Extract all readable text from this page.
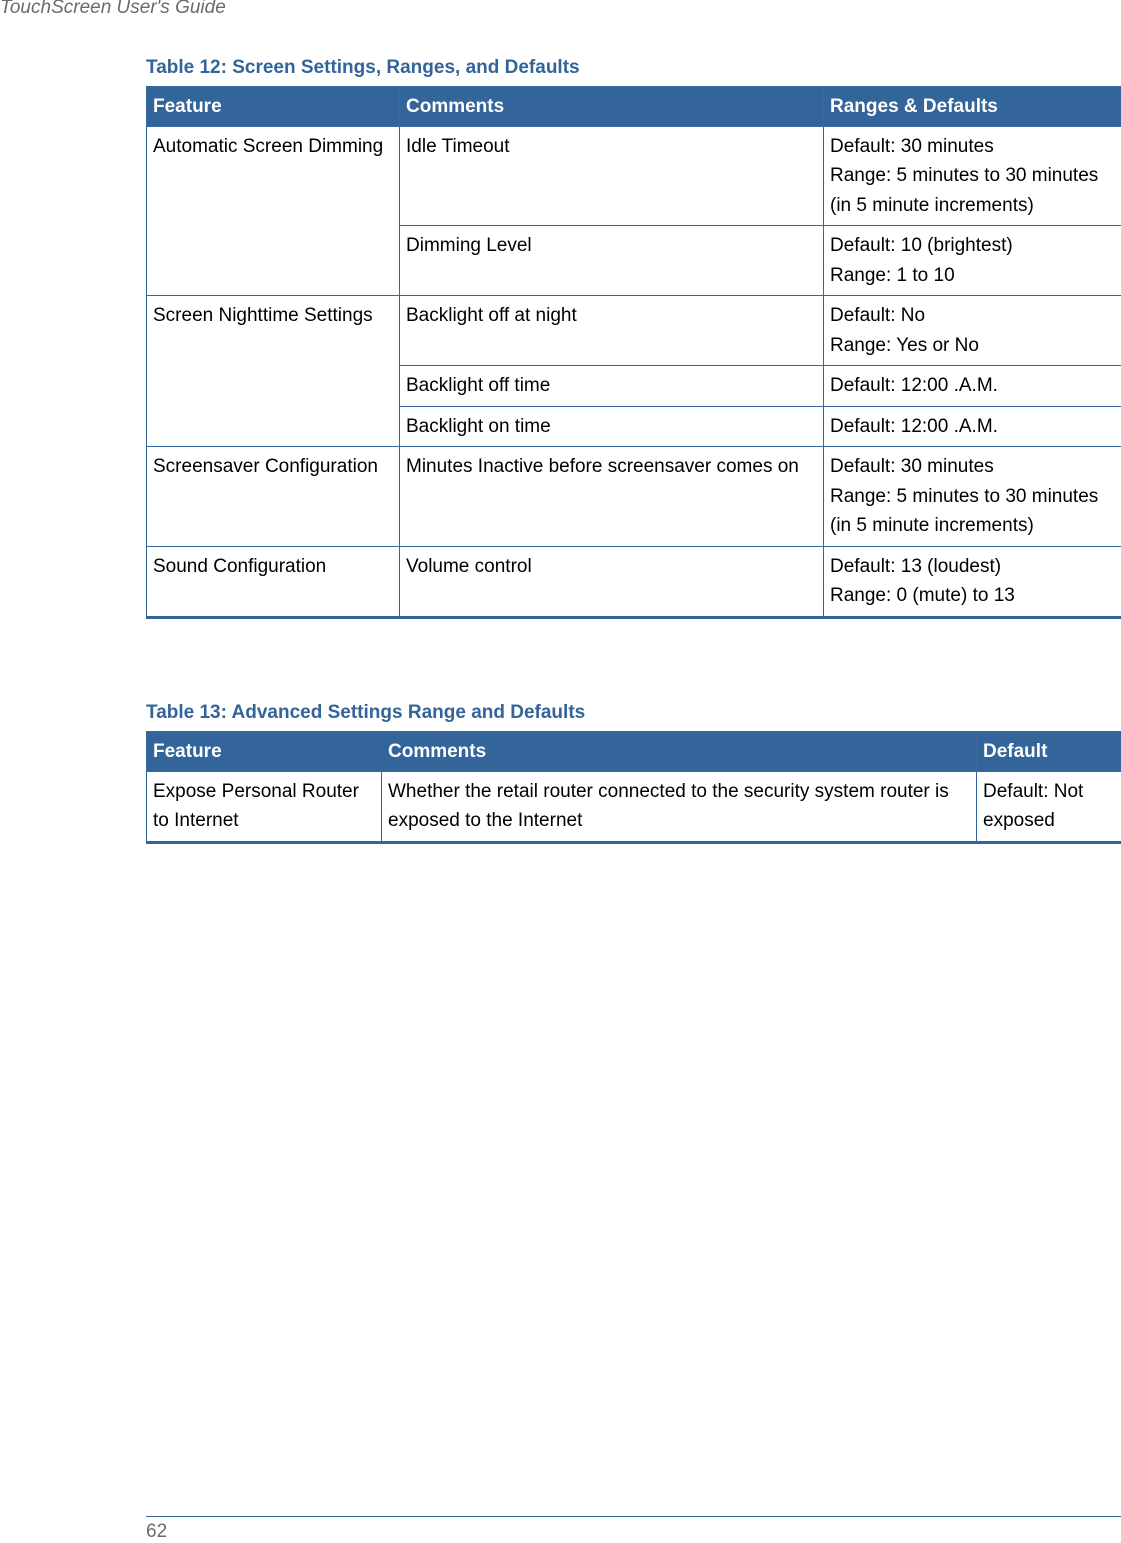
TouchScreen User's Guide
Table 12: Screen Settings, Ranges, and Defaults
Feature	Comments	Ranges & Defaults
Automatic Screen Dimming	Idle Timeout	Default: 30 minutes
Range: 5 minutes to 30 minutes
(in 5 minute increments)

	Dimming Level	Default: 10 (brightest)
Range: 1 to 10

Screen Nighttime Settings	Backlight off at night	Default: No
Range: Yes or No

	Backlight off time	Default: 12:00 .A.M.

	Backlight on time	Default: 12:00 .A.M.

Screensaver Configuration	Minutes Inactive before screensaver comes on	Default: 30 minutes
Range: 5 minutes to 30 minutes
(in 5 minute increments)

Sound Configuration	Volume control	Default: 13 (loudest)
Range: 0 (mute) to 13
Table 13: Advanced Settings Range and Defaults
Feature	Comments	Default
Expose Personal Router to Internet	Whether the retail router connected to the security system router is exposed to the Internet	Default: Not exposed
62
